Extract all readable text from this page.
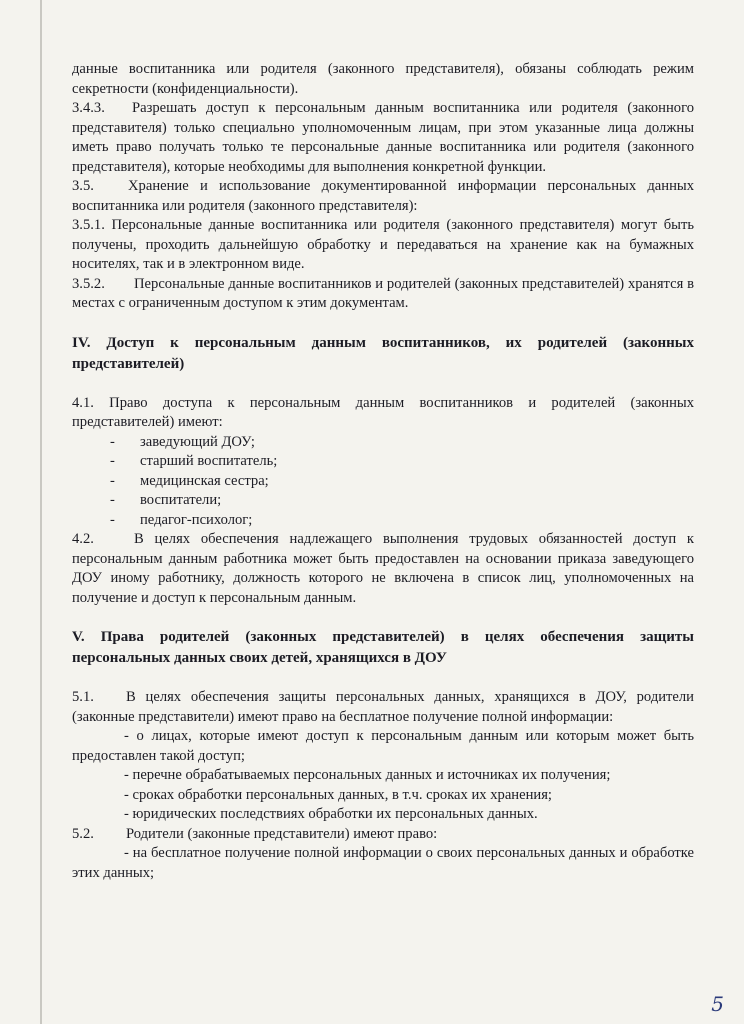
данные воспитанника или родителя (законного представителя), обязаны соблюдать режим секретности (конфиденциальности).

3.4.3. Разрешать доступ к персональным данным воспитанника или родителя (законного представителя) только специально уполномоченным лицам, при этом указанные лица должны иметь право получать только те персональные данные воспитанника или родителя (законного представителя), которые необходимы для выполнения конкретной функции.

3.5. Хранение и использование документированной информации персональных данных воспитанника или родителя (законного представителя):

3.5.1. Персональные данные воспитанника или родителя (законного представителя) могут быть получены, проходить дальнейшую обработку и передаваться на хранение как на бумажных носителях, так и в электронном виде.

3.5.2. Персональные данные воспитанников и родителей (законных представителей) хранятся в местах с ограниченным доступом к этим документам.

IV. Доступ к персональным данным воспитанников, их родителей (законных представителей)

4.1. Право доступа к персональным данным воспитанников и родителей (законных представителей) имеют:

-	заведующий ДОУ;
-	старший воспитатель;
-	медицинская сестра;
-	воспитатели;
-	педагог-психолог;

4.2.	В целях обеспечения надлежащего выполнения трудовых обязанностей доступ к персональным данным работника может быть предоставлен на основании приказа заведующего ДОУ иному работнику, должность которого не включена в список лиц, уполномоченных на получение и доступ к персональным данным.

V. Права родителей (законных представителей) в целях обеспечения защиты персональных данных своих детей, хранящихся в ДОУ

5.1. В целях обеспечения защиты персональных данных, хранящихся в ДОУ, родители (законные представители) имеют право на бесплатное получение полной информации:

- о лицах, которые имеют доступ к персональным данным или которым может быть предоставлен такой доступ;

- перечне обрабатываемых персональных данных и источниках их получения;

- сроках обработки персональных данных, в т.ч. сроках их хранения;

- юридических последствиях обработки их персональных данных.

5.2. Родители (законные представители) имеют право:

- на бесплатное получение полной информации о своих персональных данных и обработке этих данных;

5
